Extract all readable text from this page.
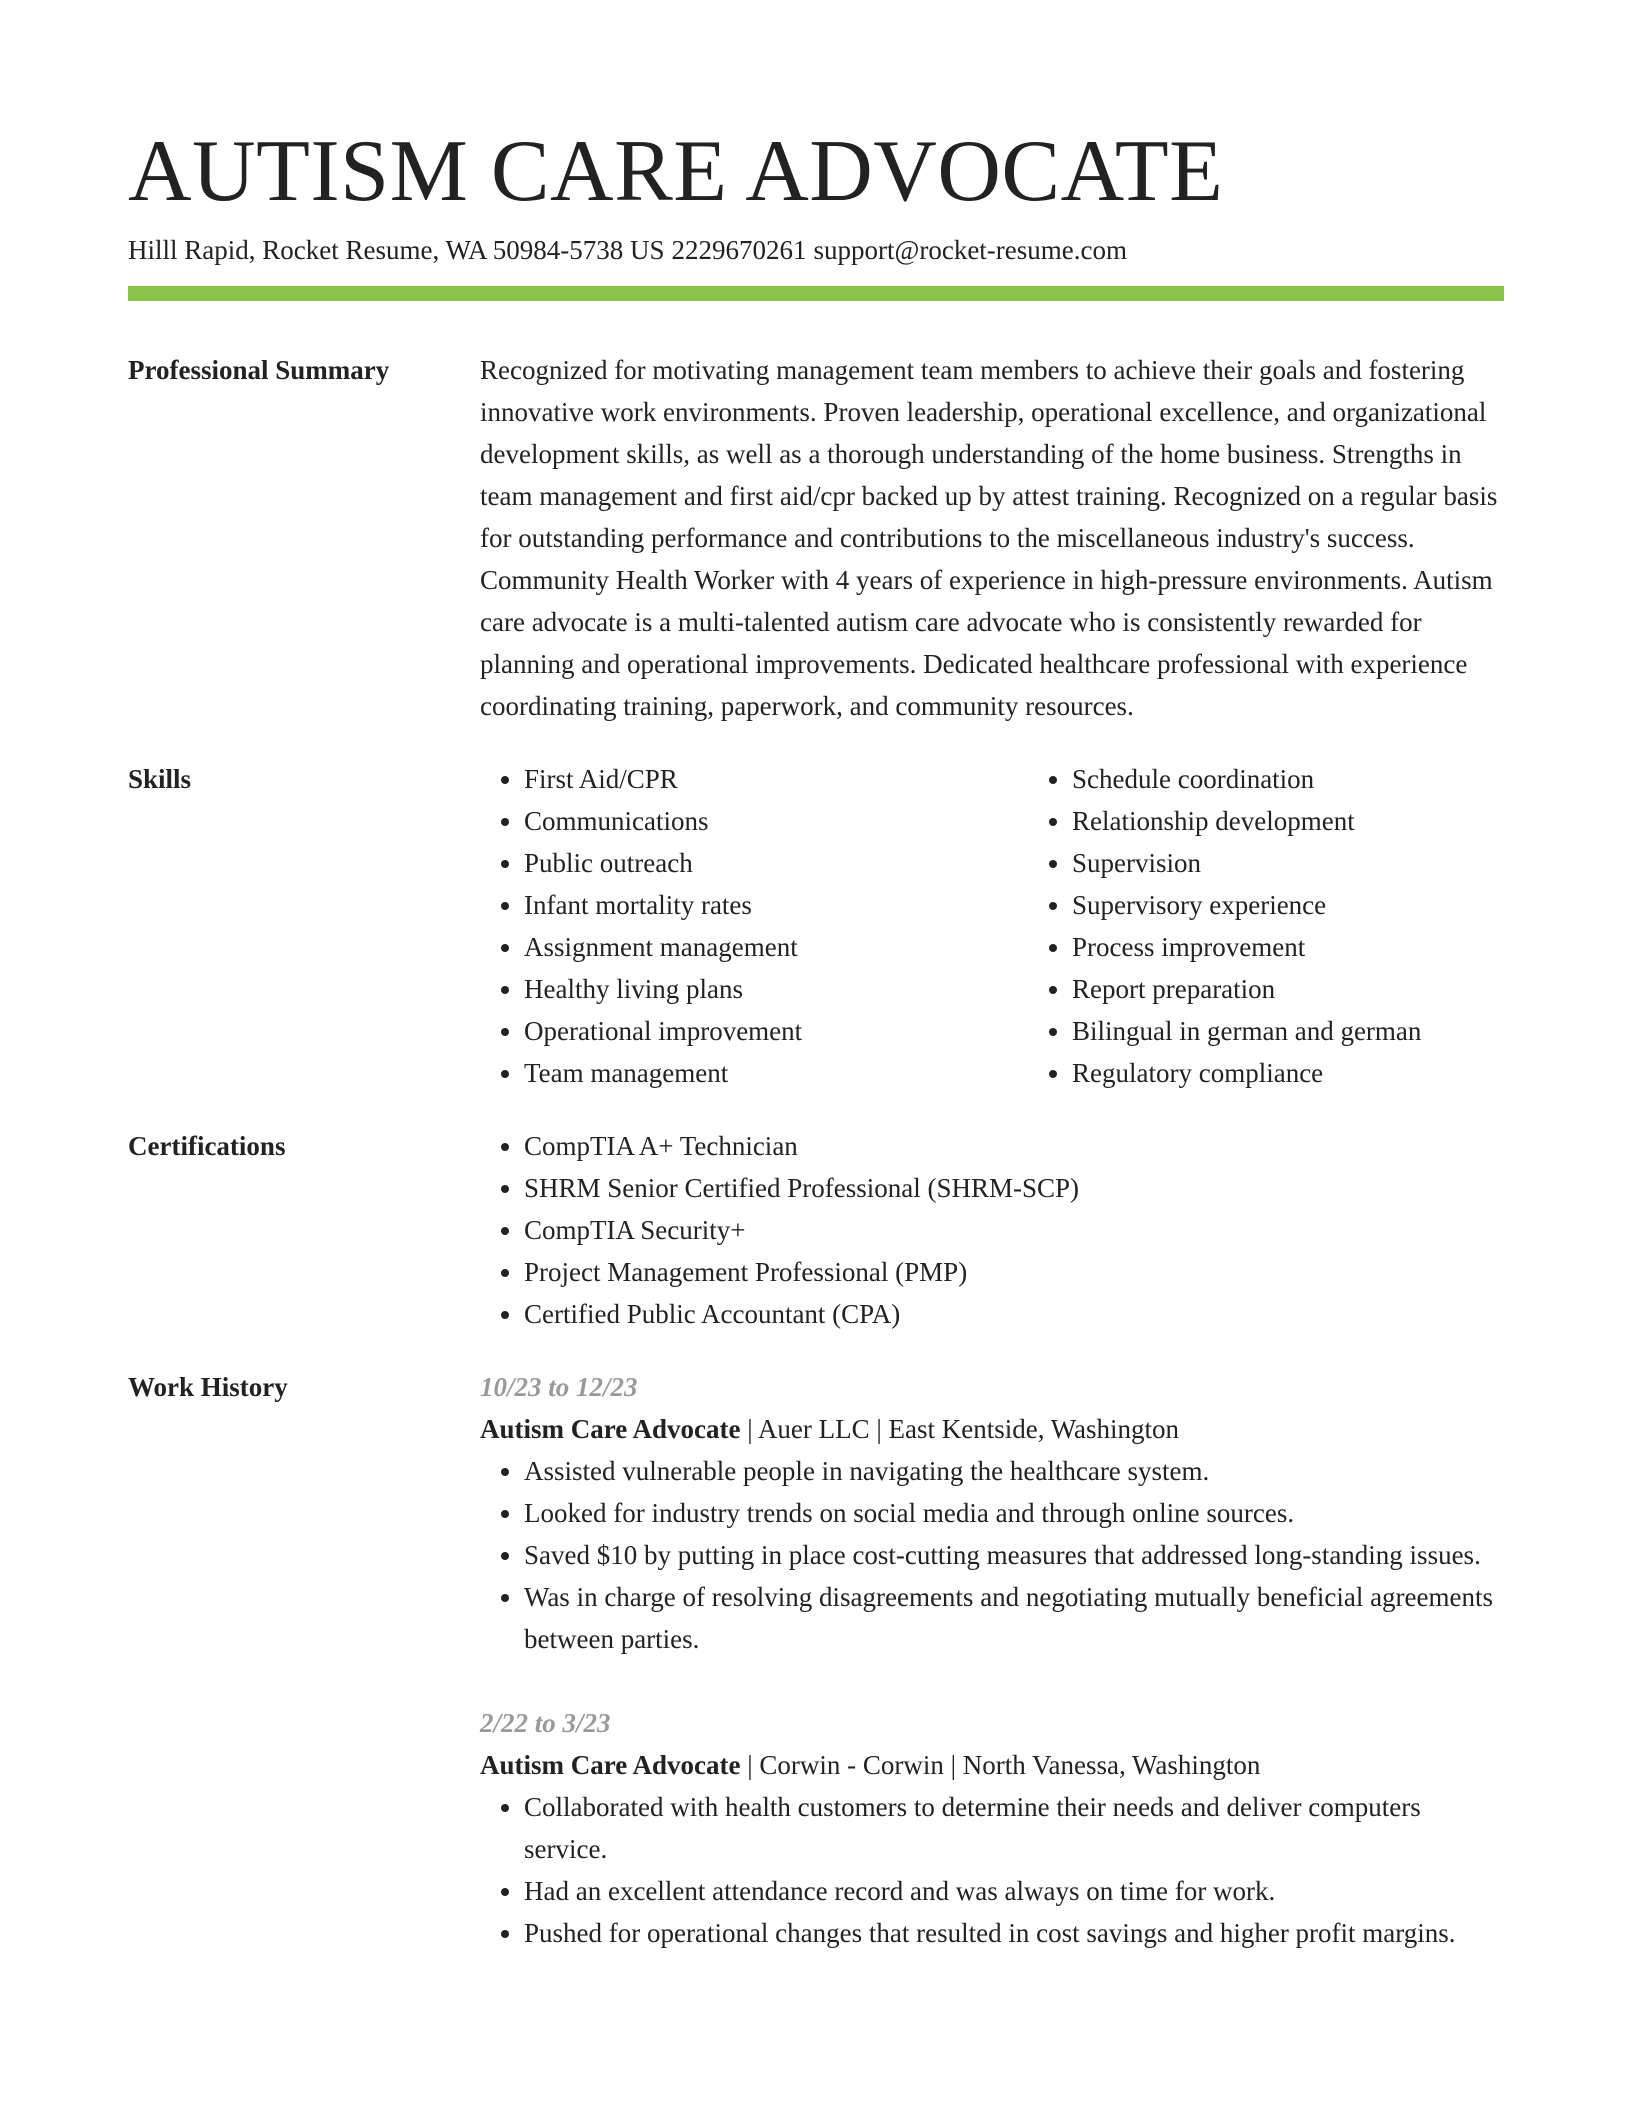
AUTISM CARE ADVOCATE
Hilll Rapid, Rocket Resume, WA 50984-5738 US 2229670261 support@rocket-resume.com
Professional Summary	Recognized for motivating management team members to achieve their goals and fostering innovative work environments. Proven leadership, operational excellence, and organizational development skills, as well as a thorough understanding of the home business. Strengths in team management and first aid/cpr backed up by attest training. Recognized on a regular basis for outstanding performance and contributions to the miscellaneous industry's success. Community Health Worker with 4 years of experience in high-pressure environments. Autism care advocate is a multi-talented autism care advocate who is consistently rewarded for planning and operational improvements. Dedicated healthcare professional with experience coordinating training, paperwork, and community resources.

Skills	• First Aid/CPR
• Communications
• Public outreach
• Infant mortality rates
• Assignment management
• Healthy living plans
• Operational improvement
• Team management
• Schedule coordination
• Relationship development
• Supervision
• Supervisory experience
• Process improvement
• Report preparation
• Bilingual in german and german
• Regulatory compliance
Certifications	• CompTIA A+ Technician
• SHRM Senior Certified Professional (SHRM-SCP)
• CompTIA Security+
• Project Management Professional (PMP)
• Certified Public Accountant (CPA)
Work History	10/23 to 12/23
Autism Care Advocate | Auer LLC | East Kentside, Washington
• Assisted vulnerable people in navigating the healthcare system.
• Looked for industry trends on social media and through online sources.
• Saved $10 by putting in place cost-cutting measures that addressed long-standing issues.
• Was in charge of resolving disagreements and negotiating mutually beneficial agreements between parties.
2/22 to 3/23
Autism Care Advocate | Corwin - Corwin | North Vanessa, Washington
• Collaborated with health customers to determine their needs and deliver computers service.
• Had an excellent attendance record and was always on time for work.
• Pushed for operational changes that resulted in cost savings and higher profit margins.
